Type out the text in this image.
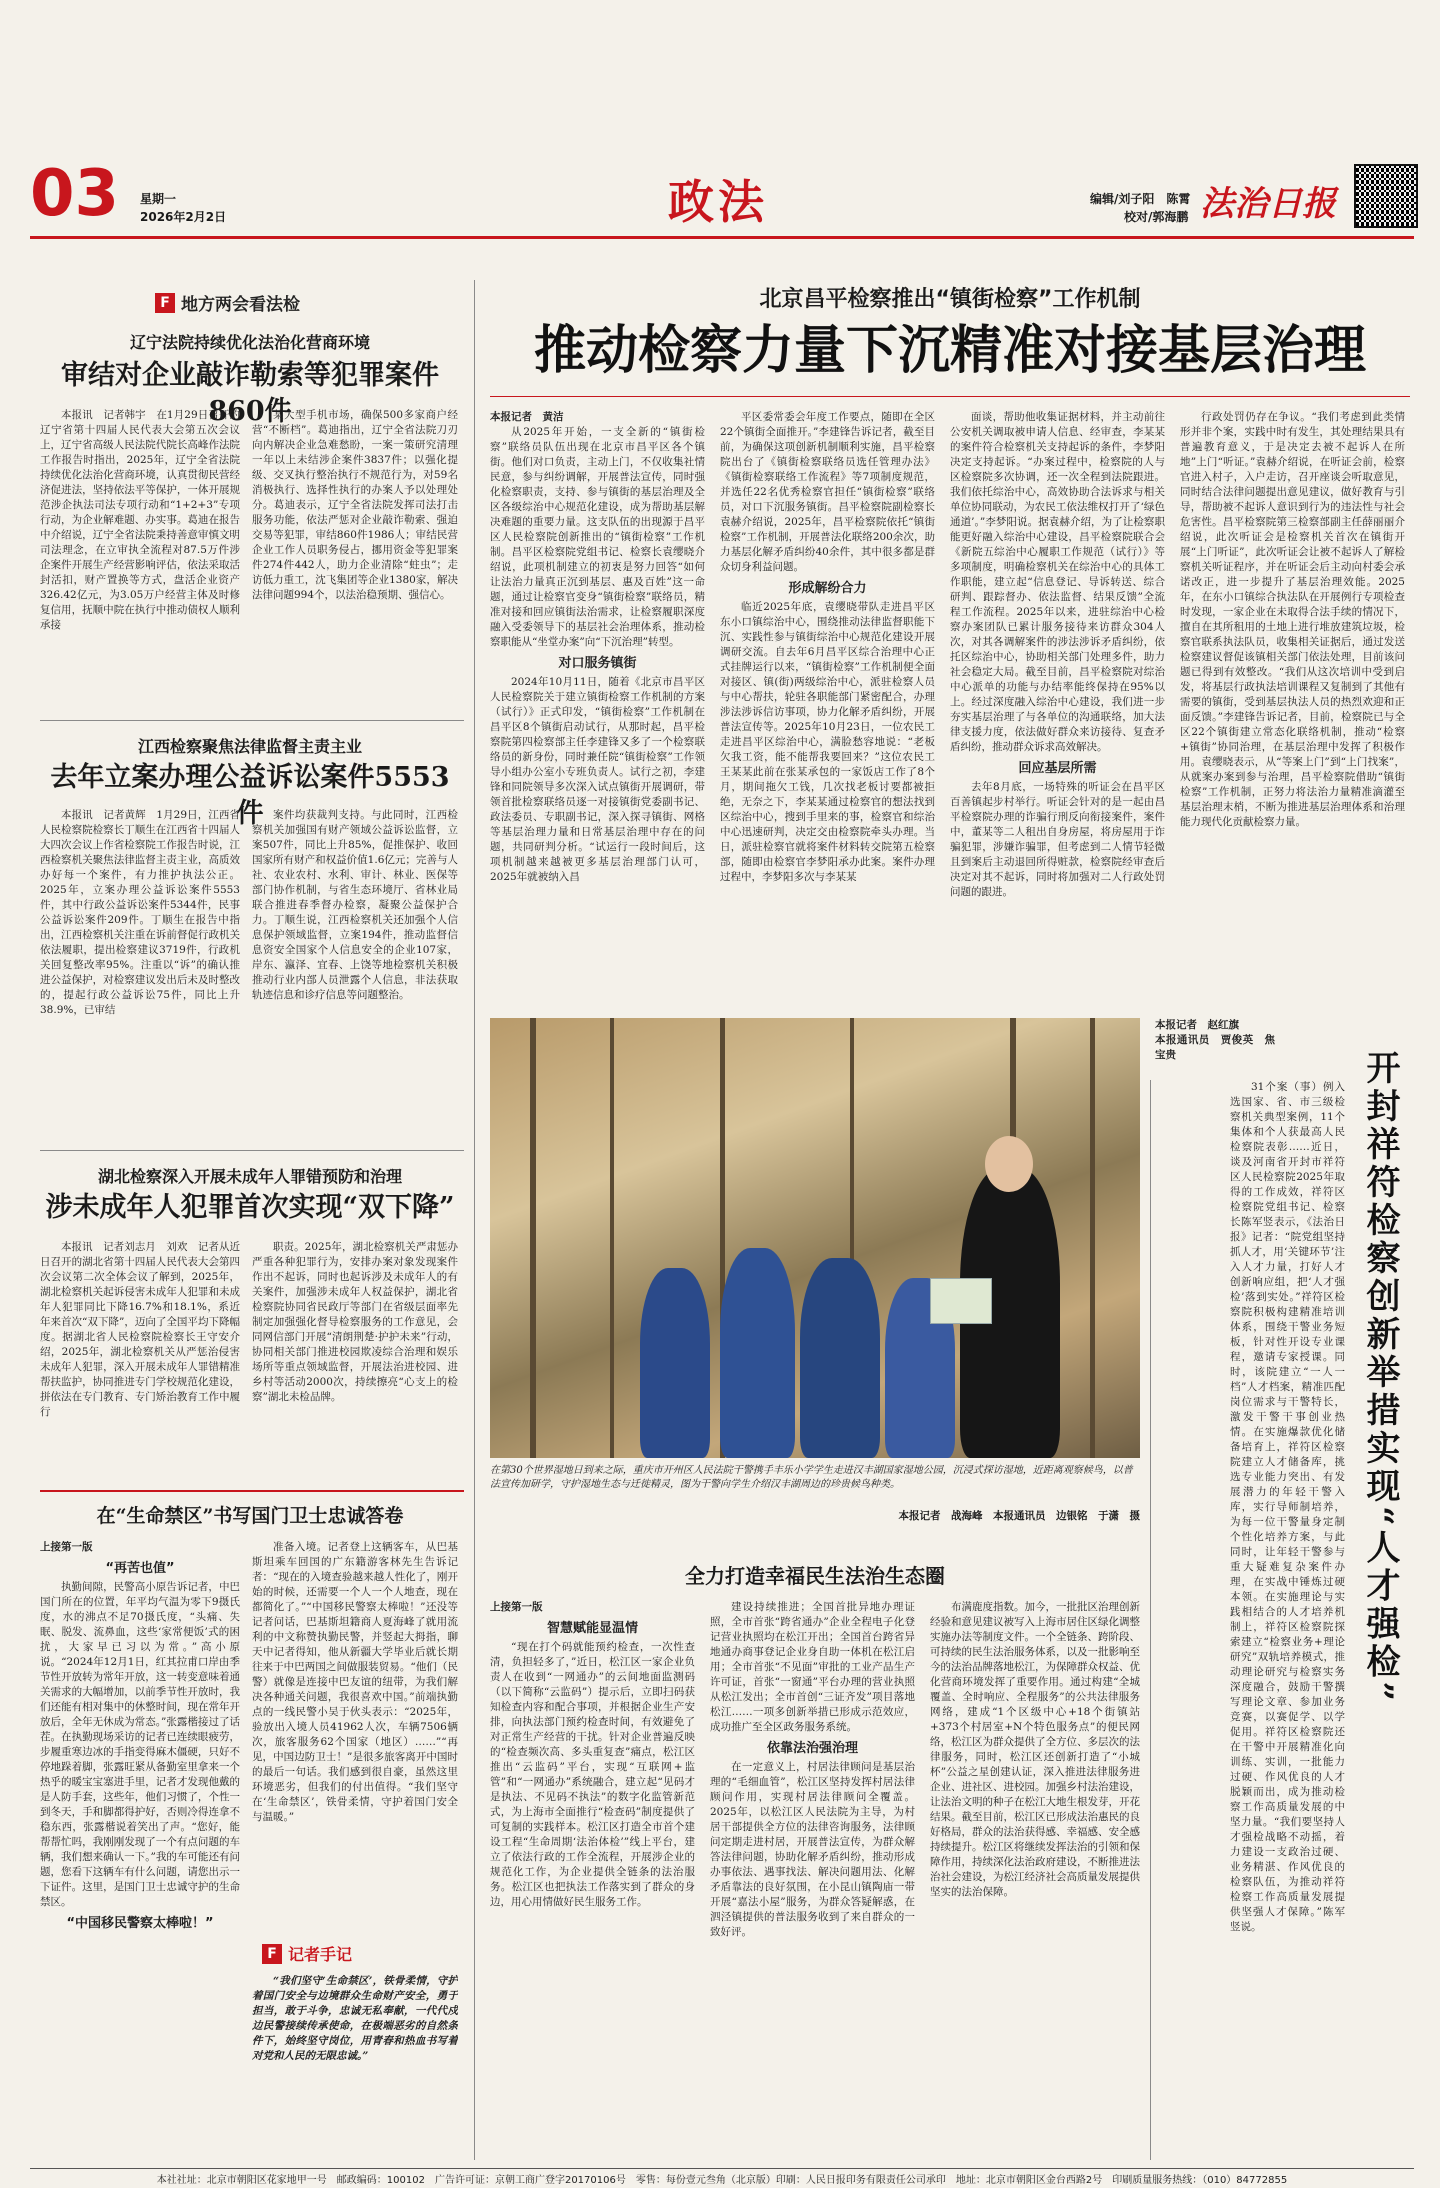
03 星期一
2026年2月2日	政法	编辑/刘子阳　陈霄
校对/郭海鹏 法治日报
F 地方两会看法检
辽宁法院持续优化法治化营商环境
审结对企业敲诈勒索等犯罪案件860件

本报讯　记者韩宇　在1月29日召开的辽宁省第十四届人民代表大会第五次会议上，辽宁省高级人民法院代院长高峰作法院工作报告时指出，2025年，辽宁全省法院持续优化法治化营商环境，认真贯彻民营经济促进法，坚持依法平等保护，一体开展规范涉企执法司法专项行动和“1+2+3”专项行动，为企业解难题、办实事。葛迪在报告中介绍说，辽宁全省法院秉持善意审慎文明司法理念，在立审执全流程对87.5万件涉企案件开展生产经营影响评估，依法采取活封活扣，财产置换等方式，盘活企业资产326.42亿元，为3.05万户经营主体及时修复信用，抚顺中院在执行中推动债权人顺利承接

某大型手机市场，确保500多家商户经营“不断档”。葛迪指出，辽宁全省法院刀刃向内解决企业急难愁盼，一案一策研究清理一年以上未结涉企案件3837件；以强化提级、交叉执行整治执行不规范行为，对59名消极执行、选择性执行的办案人予以处理处分。葛迪表示，辽宁全省法院发挥司法打击服务功能，依法严惩对企业敲诈勒索、强迫交易等犯罪，审结860件1986人；审结民营企业工作人员职务侵占，挪用资金等犯罪案件274件442人，助力企业清除“蛀虫”；走访低力重工，沈飞集团等企业1380家，解决法律问题994个，以法治稳预期、强信心。

江西检察聚焦法律监督主责主业
去年立案办理公益诉讼案件5553件

本报讯　记者黄辉　1月29日，江西省人民检察院检察长丁顺生在江西省十四届人大四次会议上作省检察院工作报告时说，江西检察机关聚焦法律监督主责主业，高质效办好每一个案件，有力推护执法公正。2025年，立案办理公益诉讼案件5553件，其中行政公益诉讼案件5344件，民事公益诉讼案件209件。丁顺生在报告中指出，江西检察机关注重在诉前督促行政机关依法履职，提出检察建议3719件，行政机关回复整改率95%。注重以“诉”的确认推进公益保护，对检察建议发出后未及时整改的，提起行政公益诉讼75件，同比上升38.9%，已审结

案件均获裁判支持。与此同时，江西检察机关加强国有财产领域公益诉讼监督，立案507件，同比上升85%，促推保护、收回国家所有财产和权益价值1.6亿元；完善与人社、农业农村、水利、审计、林业、医保等部门协作机制，与省生态环境厅、省林业局联合推进春季督办检察，凝聚公益保护合力。丁顺生说，江西检察机关还加强个人信息保护领域监督，立案194件，推动监督信息资安全国家个人信息安全的企业107家，岸东、瀛泽、宜春、上饶等地检察机关积极推动行业内部人员泄露个人信息，非法获取轨迹信息和诊疗信息等问题整治。

湖北检察深入开展未成年人罪错预防和治理
涉未成年人犯罪首次实现“双下降”

本报讯　记者刘志月　刘欢　记者从近日召开的湖北省第十四届人民代表大会第四次会议第二次全体会议了解到，2025年，湖北检察机关起诉侵害未成年人犯罪和未成年人犯罪同比下降16.7%和18.1%，系近年来首次“双下降”，迈向了全国平均下降幅度。据湖北省人民检察院检察长王守安介绍，2025年，湖北检察机关从严惩治侵害未成年人犯罪，深入开展未成年人罪错精准帮扶监护，协同推进专门学校规范化建设，拼依法在专门教育、专门矫治教育工作中履行

职责。2025年，湖北检察机关严肃惩办严重各种犯罪行为，安排办案对象发现案件作出不起诉，同时也起诉涉及未成年人的有关案件，加强涉未成年人权益保护，湖北省检察院协同省民政厅等部门在省级层面率先制定加强强化督导检察服务的工作意见，会同网信部门开展“清朗荆楚·护护未来”行动，协同相关部门推进校园欺凌综合治理和娱乐场所等重点领域监督，开展法治进校园、进乡村等活动2000次，持续擦亮“心支上的检察”湖北未检品牌。

在“生命禁区”书写国门卫士忠诚答卷
上接第一版
“再苦也值”

执勤间隙，民警高小原告诉记者，中巴国门所在的位置，年平均气温为零下9摄氏度，水的沸点不足70摄氏度，“头痛、失眠、脱发、流鼻血，这些‘家常便饭’式的困扰，大家早已习以为常。”高小原说。“2024年12月1日，红其拉甫口岸由季节性开放转为常年开放，这一转变意味着通关需求的大幅增加，以前季节性开放时，我们还能有相对集中的休整时间，现在常年开放后，全年无休成为常态。”张露楷接过了话茬。在执勤现场采访的记者已连续眼疲劳，步履重寒边冰的手指变得麻木僵硬，只好不停地跺着脚，张露旺紧从备勤室里拿来一个热乎的暖宝宝塞进手里，记者才发现他戴的是人防手套，这些年，他们习惯了，个性一到冬天，手和脚都得护好，否则冷得连拿不稳东西，张露楷说着笑出了声。“您好，能帮帮忙吗，我刚刚发现了一个有点问题的车辆，我们想来确认一下。”我的车可能还有问题，您看下这辆车有什么问题，请您出示一下证件。这里，是国门卫士忠诚守护的生命禁区。

“中国移民警察太棒啦！”

准备入境。记者登上这辆客车，从巴基斯坦乘车回国的广东籍游客林先生告诉记者：“现在的入境查验越来越人性化了，刚开始的时候，还需要一个人一个人地查，现在都简化了。”“中国移民警察太棒啦！”还没等记者问话，巴基斯坦籍商人夏海峰了就用流利的中文称赞执勤民警，并竖起大拇指，聊天中记者得知，他从新疆大学毕业后就长期往来于中巴两国之间做服装贸易。“他们（民警）就像是连接中巴友谊的纽带，为我们解决各种通关问题，我很喜欢中国。”前端执勤点的一线民警小吴于伙头表示：“2025年，验放出入境人员41962人次，车辆7506辆次，旅客服务62个国家（地区）……”“再见，中国边防卫士！”是很多旅客离开中国时的最后一句话。我们感到很自豪，虽然这里环境恶劣，但我们的付出值得。“我们坚守在‘生命禁区’，铁骨柔情，守护着国门安全与温暖。”

F 记者手记

“我们坚守‘生命禁区’，铁骨柔情，守护着国门安全与边境群众生命财产安全，勇于担当，敢于斗争，忠诚无私奉献，一代代戍边民警接续传承使命，在极端恶劣的自然条件下，始终坚守岗位，用青春和热血书写着对党和人民的无限忠诚。”

北京昌平检察推出“镇街检察”工作机制
推动检察力量下沉精准对接基层治理
本报记者　黄洁

从2025年开始，一支全新的“镇街检察”联络员队伍出现在北京市昌平区各个镇街。他们对口负责，主动上门，不仅收集社情民意，参与纠纷调解，开展普法宣传，同时强化检察职责，支持、参与镇街的基层治理及全区各级综治中心规范化建设，成为帮助基层解决难题的重要力量。这支队伍的出现源于昌平区人民检察院创新推出的“镇街检察”工作机制。昌平区检察院党组书记、检察长袁缨晓介绍说，此项机制建立的初衷是努力回答“如何让法治力量真正沉到基层、惠及百姓”这一命题，通过让检察官变身“镇街检察”联络员，精准对接和回应镇街法治需求，让检察履职深度融入受委领导下的基层社会治理体系，推动检察职能从“坐堂办案”向“下沉治理”转型。

对口服务镇街

2024年10月11日，随着《北京市昌平区人民检察院关于建立镇街检察工作机制的方案（试行）》正式印发，“镇街检察”工作机制在昌平区8个镇街启动试行，从那时起，昌平检察院第四检察部主任李建锋又多了一个检察联络员的新身份，同时兼任院“镇街检察”工作领导小组办公室小专班负责人。试行之初，李建锋和同院领导多次深入试点镇街开展调研，带领首批检察联络员逐一对接镇街党委副书记、政法委员、专职副书记，深入探寻镇街、网格等基层治理力量和日常基层治理中存在的问题，共同研判分析。“试运行一段时间后，这项机制越来越被更多基层治理部门认可，2025年就被纳入昌

平区委常委会年度工作要点，随即在全区22个镇街全面推开。”李建锋告诉记者，截至目前，为确保这项创新机制顺利实施，昌平检察院出台了《镇街检察联络员选任管理办法》《镇街检察联络工作流程》等7项制度规范，并选任22名优秀检察官担任“镇街检察”联络员，对口下沉服务镇街。昌平检察院副检察长袁赫介绍说，2025年，昌平检察院依托“镇街检察”工作机制，开展普法化联络200余次，助力基层化解矛盾纠纷40余件，其中很多都是群众切身利益问题。

形成解纷合力

临近2025年底，袁缨晓带队走进昌平区东小口镇综治中心，围绕推动法律监督职能下沉、实践性参与镇街综治中心规范化建设开展调研交流。自去年6月昌平区综合治理中心正式挂牌运行以来，“镇街检察”工作机制便全面对接区、镇(街)两级综治中心，派驻检察人员与中心帮扶，轮驻各职能部门紧密配合，办理涉法涉诉信访事项，协力化解矛盾纠纷，开展普法宣传等。2025年10月23日，一位农民工走进昌平区综治中心，满脸愁容地说：“老板欠我工资，能不能帮我要回来？”这位农民工王某某此前在张某承包的一家饭店工作了8个月，期间拖欠工钱，几次找老板讨要都被拒绝，无奈之下，李某某通过检察官的想法找到区综治中心，搜到手里来的事，检察官和综治中心迅速研判，决定交由检察院牵头办理。当日，派驻检察官就将案件材料转交院第五检察部，随即由检察官李梦阳承办此案。案件办理过程中，李梦阳多次与李某某

面谈，帮助他收集证据材料，并主动前往公安机关调取被申请人信息、经审查，李某某的案件符合检察机关支持起诉的条件，李梦阳决定支持起诉。“办案过程中，检察院的人与区检察院多次协调，还一次全程到法院跟进。我们依托综治中心，高效协助合法诉求与相关单位协同联动，为农民工依法维权打开了‘绿色通道’。”李梦阳说。据袁赫介绍，为了让检察职能更好融入综治中心建设，昌平检察院联合会《新院五综治中心履职工作规范（试行）》等多项制度，明确检察机关在综治中心的具体工作职能，建立起“信息登记、导诉转送、综合研判、跟踪督办、依法监督、结果反馈”全流程工作流程。2025年以来，进驻综治中心检察办案团队已累计服务接待来访群众304人次，对其各调解案件的涉法涉诉矛盾纠纷，依托区综治中心，协助相关部门处理多件，助力社会稳定大局。截至目前，昌平检察院对综治中心派单的功能与办结率能终保持在95%以上。经过深度融入综治中心建设，我们进一步夯实基层治理了与各单位的沟通联络，加大法律支援力度，依法做好群众来访接待、复查矛盾纠纷，推动群众诉求高效解决。

回应基层所需

去年8月底，一场特殊的听证会在昌平区百善镇起步村举行。听证会针对的是一起由昌平检察院办理的诈骗行刑反向衔接案件，案件中，董某等二人租出自身房屋，将房屋用于诈骗犯罪，涉嫌诈骗罪，但考虑到二人情节轻微且到案后主动退回所得赃款，检察院经审查后决定对其不起诉，同时将加强对二人行政处罚问题的跟进。

行政处罚仍存在争议。“我们考虑到此类情形并非个案，实践中时有发生，其处理结果具有普遍教育意义，于是决定去被不起诉人在所地”上门“听证。”袁赫介绍说，在听证会前，检察官进入村子，入户走访，召开座谈会听取意见，同时结合法律问题提出意见建议，做好教育与引导，帮助被不起诉人意识到行为的违法性与社会危害性。昌平检察院第三检察部副主任薛丽丽介绍说，此次听证会是检察机关首次在镇街开展“上门听证”，此次听证会让被不起诉人了解检察机关听证程序，并在听证会后主动向村委会承诺改正，进一步提升了基层治理效能。2025年，在东小口镇综合执法队在开展例行专项检查时发现，一家企业在未取得合法手续的情况下，擅自在其所租用的土地上进行堆放建筑垃圾，检察官联系执法队员，收集相关证据后，通过发送检察建议督促该镇相关部门依法处理，目前该问题已得到有效整改。“我们从这次培训中受到启发，将基层行政执法培训课程又复制到了其他有需要的镇街，受到基层执法人员的热烈欢迎和正面反馈。”李建锋告诉记者，目前，检察院已与全区22个镇街建立常态化联络机制，推动“检察+镇街”协同治理，在基层治理中发挥了积极作用。袁缨晓表示，从“等案上门”到“上门找案”，从就案办案到参与治理，昌平检察院借助“镇街检察”工作机制，正努力将法治力量精准滴灌至基层治理末梢，不断为推进基层治理体系和治理能力现代化贡献检察力量。

在第30个世界湿地日到来之际，重庆市开州区人民法院干警携手丰乐小学学生走进汉丰湖国家湿地公园，沉浸式探访湿地，近距离观察候鸟，以普法宣传加研学，守护湿地生态与迁徙精灵，图为干警向学生介绍汉丰湖周边的珍贵候鸟种类。
本报记者　战海峰　本报通讯员　边银铭　于潇　摄
本报记者　赵红旗
本报通讯员　贾俊英　焦宝贵	开封祥符检察创新举措实现“人才强检”

31个案（事）例入选国家、省、市三级检察机关典型案例，11个集体和个人获最高人民检察院表彰……近日，谈及河南省开封市祥符区人民检察院2025年取得的工作成效，祥符区检察院党组书记、检察长陈军竖表示，《法治日报》记者：“院党组坚持抓人才，用‘关键环节’注入人才力量，打好人才创新响应组，把‘人才强检’落到实处。”祥符区检察院积极构建精准培训体系，围绕干警业务短板，针对性开设专业课程，邀请专家授课。同时，该院建立“一人一档”人才档案，精准匹配岗位需求与干警特长，激发干警干事创业热情。在实施爆款优化储备培育上，祥符区检察院建立人才储备库，挑选专业能力突出、有发展潜力的年轻干警入库，实行导师制培养，为每一位干警量身定制个性化培养方案，与此同时，让年轻干警参与重大疑难复杂案件办理，在实战中锤炼过硬本领。在实施理论与实践相结合的人才培养机制上，祥符区检察院探索建立“检察业务+理论研究”双轨培养模式，推动理论研究与检察实务深度融合，鼓励干警撰写理论文章、参加业务竞赛，以赛促学、以学促用。祥符区检察院还在干警中开展精准化向训练、实训，一批能力过硬、作风优良的人才脱颖而出，成为推动检察工作高质量发展的中坚力量。“我们要坚持人才强检战略不动摇，着力建设一支政治过硬、业务精湛、作风优良的检察队伍，为推动祥符检察工作高质量发展提供坚强人才保障。”陈军竖说。

全力打造幸福民生法治生态圈
上接第一版
智慧赋能显温情

“现在打个码就能预约检查，一次性查清，负担轻多了，”近日，松江区一家企业负责人在收到“一网通办”的云间地面监测码（以下简称“云监码”）提示后，立即扫码获知检查内容和配合事项，并根据企业生产安排，向执法部门预约检查时间，有效避免了对正常生产经营的干扰。针对企业普遍反映的“检查频次高、多头重复查”痛点，松江区推出“云监码”平台，实现“互联网+监管”和“一网通办”系统融合，建立起“见码才是执法、不见码不执法”的数字化监管新范式，为上海市全面推行“检查码”制度提供了可复制的实践样本。松江区打造全市首个建设工程“生命周期‘法治体检’”线上平台，建立了依法行政的工作全流程，开展涉企业的规范化工作，为企业提供全链条的法治服务。松江区也把执法工作落实到了群众的身边，用心用情做好民生服务工作。

建设持续推进；全国首批异地办理证照，全市首张“跨省通办”企业全程电子化登记营业执照均在松江开出；全国首台跨省异地通办商事登记企业身自助一体机在松江启用；全市首张“不见面”审批的工业产品生产许可证，首张“一窗通”平台办理的营业执照从松江发出；全市首创“三证齐发”项目落地松江……一项多创新举措已形成示范效应，成功推广至全区政务服务系统。

依靠法治强治理

在一定意义上，村居法律顾问是基层治理的“毛细血管”，松江区坚持发挥村居法律顾问作用，实现村居法律顾问全覆盖。2025年，以松江区人民法院为主导，为村居干部提供全方位的法律咨询服务，法律顾问定期走进村居，开展普法宣传，为群众解答法律问题，协助化解矛盾纠纷，推动形成办事依法、遇事找法、解决问题用法、化解矛盾靠法的良好氛围，在小昆山镇陶庙一带开展“嘉法小屋”服务，为群众答疑解惑，在泗泾镇提供的普法服务收到了来自群众的一致好评。

布满鹿度指数。加今，一批批区治理创新经验和意见建议被写入上海市居住区绿化调整实施办法等制度文件。一个全链条、跨阶段、可持续的民生法治服务体系，以及一批影响至今的法治品牌落地松江，为保障群众权益、优化营商环境发挥了重要作用。通过构建“全城覆盖、全时响应、全程服务”的公共法律服务网络，建成“1个区级中心+18个街镇站+373个村居室+N个特色服务点”的便民网络，松江区为群众提供了全方位、多层次的法律服务，同时，松江区还创新打造了“小城杯”公益之星创建认证，深入推进法律服务进企业、进社区、进校园。加强乡村法治建设，让法治文明的种子在松江大地生根发芽，开花结果。截至目前，松江区已形成法治惠民的良好格局，群众的法治获得感、幸福感、安全感持续提升。松江区将继续发挥法治的引领和保障作用，持续深化法治政府建设，不断推进法治社会建设，为松江经济社会高质量发展提供坚实的法治保障。

本社社址：北京市朝阳区花家地甲一号　邮政编码：100102　广告许可证：京朝工商广登字20170106号　零售：每份壹元叁角（北京版）印刷：人民日报印务有限责任公司承印　地址：北京市朝阳区金台西路2号　印刷质量服务热线：（010）84772855
